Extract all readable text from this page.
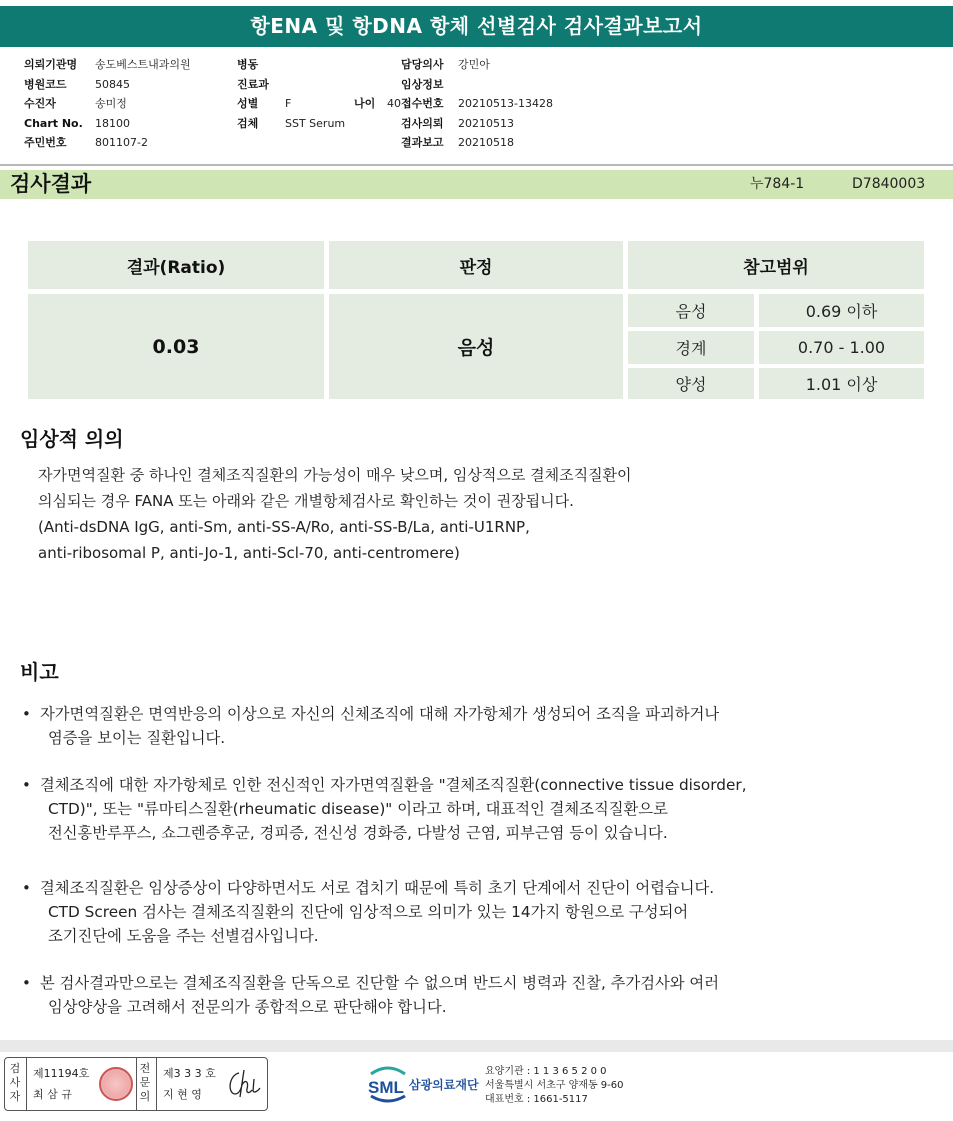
항ENA 및 항DNA 항체 선별검사 검사결과보고서
의뢰기관명	송도베스트내과의원
병원코드	50845
수진자	송미정
Chart No.	18100
주민번호	801107-2
병동
진료과
성별	F	나이	40
검체	SST Serum
담당의사	강민아
임상정보
접수번호	20210513-13428
검사의뢰	20210513
결과보고	20210518
검사결과	누784-1	D7840003
결과(Ratio)	판정	참고범위
0.03	음성
음성	0.69 이하
경계	0.70 - 1.00
양성	1.01 이상
임상적 의의
자가면역질환 중 하나인 결체조직질환의 가능성이 매우 낮으며, 임상적으로 결체조직질환이
의심되는 경우 FANA 또는 아래와 같은 개별항체검사로 확인하는 것이 권장됩니다.
(Anti-dsDNA IgG, anti-Sm, anti-SS-A/Ro, anti-SS-B/La, anti-U1RNP,
anti-ribosomal P, anti-Jo-1, anti-Scl-70, anti-centromere)
비고
• 자가면역질환은 면역반응의 이상으로 자신의 신체조직에 대해 자가항체가 생성되어 조직을 파괴하거나
염증을 보이는 질환입니다.
• 결체조직에 대한 자가항체로 인한 전신적인 자가면역질환을 "결체조직질환(connective tissue disorder,
CTD)", 또는 "류마티스질환(rheumatic disease)" 이라고 하며, 대표적인 결체조직질환으로
전신홍반루푸스, 쇼그렌증후군, 경피증, 전신성 경화증, 다발성 근염, 피부근염 등이 있습니다.
• 결체조직질환은 임상증상이 다양하면서도 서로 겹치기 때문에 특히 초기 단계에서 진단이 어렵습니다.
CTD Screen 검사는 결체조직질환의 진단에 임상적으로 의미가 있는 14가지 항원으로 구성되어
조기진단에 도움을 주는 선별검사입니다.
• 본 검사결과만으로는 결체조직질환을 단독으로 진단할 수 없으며 반드시 병력과 진찰, 추가검사와 여러
임상양상을 고려해서 전문의가 종합적으로 판단해야 합니다.
검
사
자
제11194호
최 삼 규
전
문
의
제3 3 3 호
지 현 영	SML 삼광의료재단
요양기관 : 1 1 3 6 5 2 0 0
서울특별시 서초구 양재동 9-60
대표번호 : 1661-5117
